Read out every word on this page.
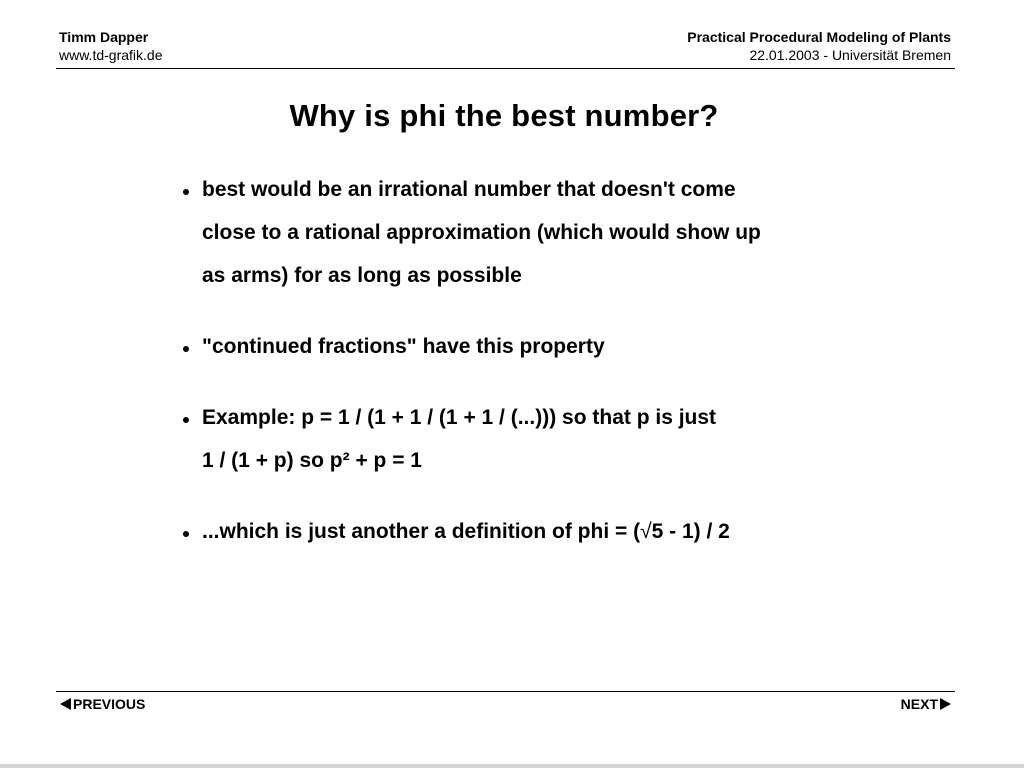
Timm Dapper
www.td-grafik.de
Practical Procedural Modeling of Plants
22.01.2003 - Universität Bremen
Why is phi the best number?
best would be an irrational number that doesn't come
close to a rational approximation (which would show up
as arms) for as long as possible
"continued fractions" have this property
Example: p = 1 / (1 + 1 / (1 + 1 / (...))) so that p is just
1 / (1 + p) so p² + p = 1
...which is just another a definition of phi = (√5 - 1) / 2
PREVIOUS	NEXT
